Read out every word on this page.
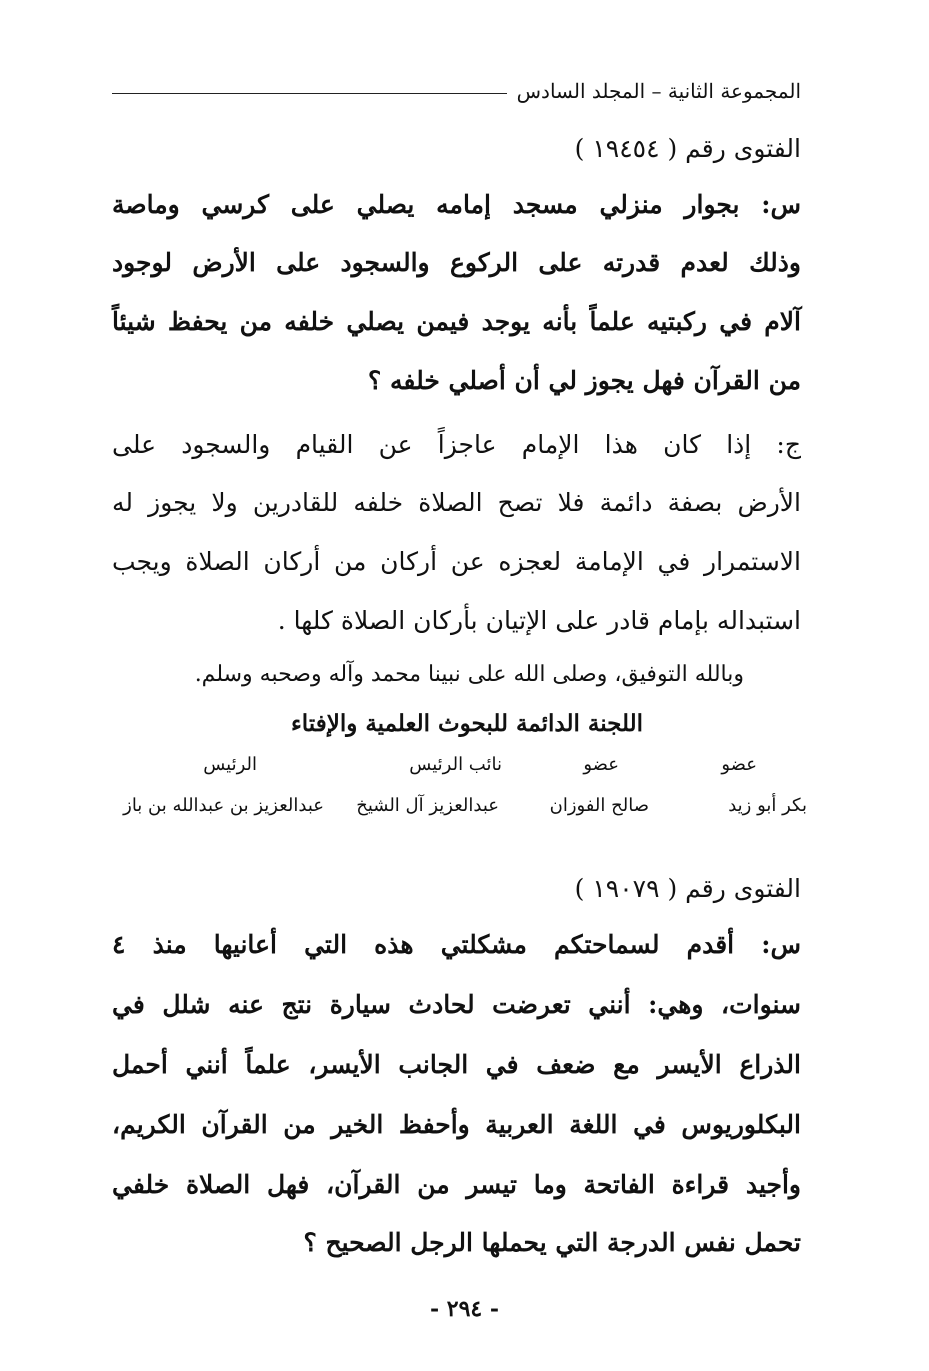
المجموعة الثانية – المجلد السادس
الفتوى رقم ( ١٩٤٥٤ )
س: بجوار منزلي مسجد إمامه يصلي على كرسي وماصة
وذلك لعدم قدرته على الركوع والسجود على الأرض لوجود
آلام في ركبتيه علماً بأنه يوجد فيمن يصلي خلفه من يحفظ شيئاً
من القرآن فهل يجوز لي أن أصلي خلفه ؟
ج: إذا كان هذا الإمام عاجزاً عن القيام والسجود على
الأرض بصفة دائمة فلا تصح الصلاة خلفه للقادرين ولا يجوز له
الاستمرار في الإمامة لعجزه عن أركان من أركان الصلاة ويجب
استبداله بإمام قادر على الإتيان بأركان الصلاة كلها .
وبالله التوفيق، وصلى الله على نبينا محمد وآله وصحبه وسلم.
اللجنة الدائمة للبحوث العلمية والإفتاء
عضو
عضو
نائب الرئيس
الرئيس
بكر أبو زيد
صالح الفوزان
عبدالعزيز آل الشيخ
عبدالعزيز بن عبدالله بن باز
الفتوى رقم ( ١٩٠٧٩ )
س: أقدم لسماحتكم مشكلتي هذه التي أعانيها منذ ٤
سنوات، وهي: أنني تعرضت لحادث سيارة نتج عنه شلل في
الذراع الأيسر مع ضعف في الجانب الأيسر، علماً أنني أحمل
البكلوريوس في اللغة العربية وأحفظ الخير من القرآن الكريم،
وأجيد قراءة الفاتحة وما تيسر من القرآن، فهل الصلاة خلفي
تحمل نفس الدرجة التي يحملها الرجل الصحيح ؟
- ٢٩٤ -
